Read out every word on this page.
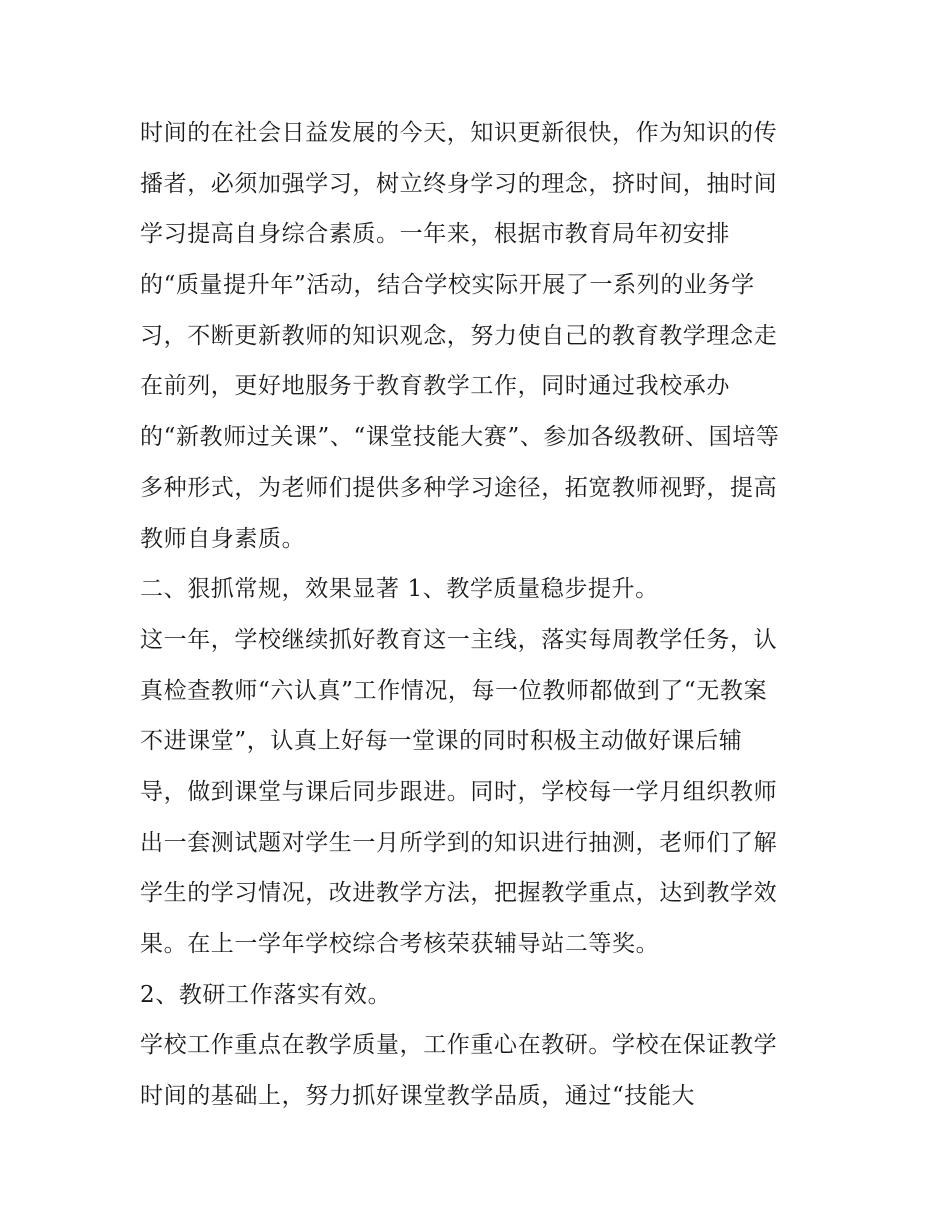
时间的在社会日益发展的今天，知识更新很快，作为知识的传
播者，必须加强学习，树立终身学习的理念，挤时间，抽时间
学习提高自身综合素质。一年来，根据市教育局年初安排
的“质量提升年”活动，结合学校实际开展了一系列的业务学
习，不断更新教师的知识观念，努力使自己的教育教学理念走
在前列，更好地服务于教育教学工作，同时通过我校承办
的“新教师过关课”、“课堂技能大赛”、参加各级教研、国培等
多种形式，为老师们提供多种学习途径，拓宽教师视野，提高
教师自身素质。
二、狠抓常规，效果显著 1、教学质量稳步提升。
这一年，学校继续抓好教育这一主线，落实每周教学任务，认
真检查教师“六认真”工作情况，每一位教师都做到了“无教案
不进课堂”，认真上好每一堂课的同时积极主动做好课后辅
导，做到课堂与课后同步跟进。同时，学校每一学月组织教师
出一套测试题对学生一月所学到的知识进行抽测，老师们了解
学生的学习情况，改进教学方法，把握教学重点，达到教学效
果。在上一学年学校综合考核荣获辅导站二等奖。
2、教研工作落实有效。
学校工作重点在教学质量，工作重心在教研。学校在保证教学
时间的基础上，努力抓好课堂教学品质，通过“技能大
